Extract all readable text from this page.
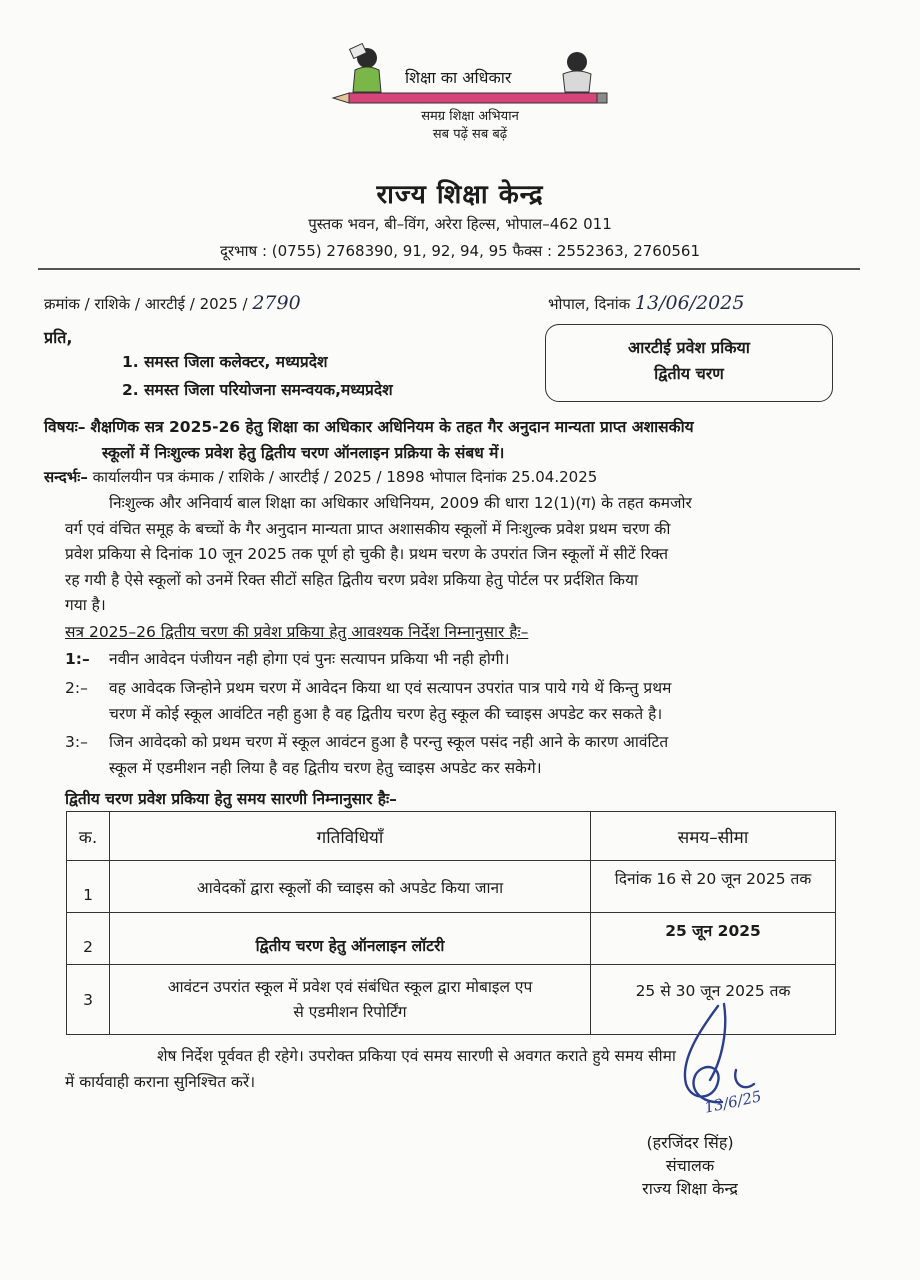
शिक्षा का अधिकार
समग्र शिक्षा अभियान
सब पढ़ें सब बढ़ें
राज्य शिक्षा केन्द्र
पुस्तक भवन, बी–विंग, अरेरा हिल्स, भोपाल–462 011
दूरभाष : (0755) 2768390, 91, 92, 94, 95 फैक्स : 2552363, 2760561
क्रमांक / राशिके / आरटीई / 2025 / 2790	भोपाल, दिनांक 13/06/2025
प्रति,
1. समस्त जिला कलेक्टर, मध्यप्रदेश
2. समस्त जिला परियोजना समन्वयक,मध्यप्रदेश
आरटीई प्रवेश प्रकिया
द्वितीय चरण
विषयः– शैक्षणिक सत्र 2025-26 हेतु शिक्षा का अधिकार अधिनियम के तहत गैर अनुदान मान्यता प्राप्त अशासकीय
स्कूलों में निःशुल्क प्रवेश हेतु द्वितीय चरण ऑनलाइन प्रक्रिया के संबध में।
सन्दर्भः– कार्यालयीन पत्र कंमाक / राशिके / आरटीई / 2025 / 1898 भोपाल दिनांक 25.04.2025
निःशुल्क और अनिवार्य बाल शिक्षा का अधिकार अधिनियम, 2009 की धारा 12(1)(ग) के तहत कमजोर
वर्ग एवं वंचित समूह के बच्चों के गैर अनुदान मान्यता प्राप्त अशासकीय स्कूलों में निःशुल्क प्रवेश प्रथम चरण की
प्रवेश प्रकिया से दिनांक 10 जून 2025 तक पूर्ण हो चुकी है। प्रथम चरण के उपरांत जिन स्कूलों में सीटें रिक्त
रह गयी है ऐसे स्कूलों को उनमें रिक्त सीटों सहित द्वितीय चरण प्रवेश प्रकिया हेतु पोर्टल पर प्रर्दशित किया
गया है।
सत्र 2025–26 द्वितीय चरण की प्रवेश प्रकिया हेतु आवश्यक निर्देश निम्नानुसार हैः–
1:–	नवीन आवेदन पंजीयन नही होगा एवं पुनः सत्यापन प्रकिया भी नही होगी।
2:–	वह आवेदक जिन्होने प्रथम चरण में आवेदन किया था एवं सत्यापन उपरांत पात्र पाये गये थें किन्तु प्रथम
चरण में कोई स्कूल आवंटित नही हुआ है वह द्वितीय चरण हेतु स्कूल की च्वाइस अपडेट कर सकते है।
3:–	जिन आवेदको को प्रथम चरण में स्कूल आवंटन हुआ है परन्तु स्कूल पसंद नही आने के कारण आवंटित
स्कूल में एडमीशन नही लिया है वह द्वितीय चरण हेतु च्वाइस अपडेट कर सकेगे।
द्वितीय चरण प्रवेश प्रकिया हेतु समय सारणी निम्नानुसार हैः–
क.	गतिविधियॉं	समय–सीमा
1	आवेदकों द्वारा स्कूलों की च्वाइस को अपडेट किया जाना	दिनांक 16 से 20 जून 2025 तक
2	द्वितीय चरण हेतु ऑनलाइन लॉटरी	25 जून 2025
3	आवंटन उपरांत स्कूल में प्रवेश एवं संबंधित स्कूल द्वारा मोबाइल एप
से एडमीशन रिपोर्टिंग	25 से 30 जून 2025 तक
शेष निर्देश पूर्ववत ही रहेगे। उपरोक्त प्रकिया एवं समय सारणी से अवगत कराते हुये समय सीमा
में कार्यवाही कराना सुनिश्चित करें।
13/6/25
(हरजिंदर सिंह)
संचालक
राज्य शिक्षा केन्द्र
